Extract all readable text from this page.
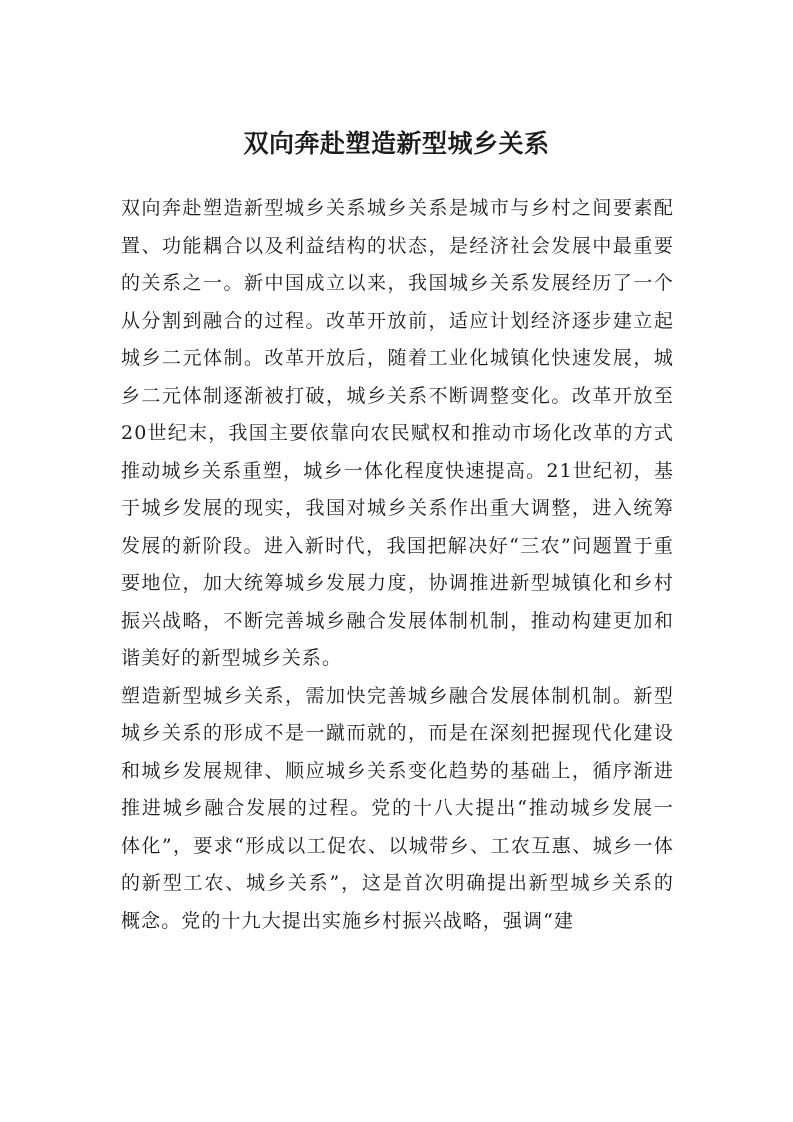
双向奔赴塑造新型城乡关系

双向奔赴塑造新型城乡关系城乡关系是城市与乡村之间要素配置、功能耦合以及利益结构的状态，是经济社会发展中最重要的关系之一。新中国成立以来，我国城乡关系发展经历了一个从分割到融合的过程。改革开放前，适应计划经济逐步建立起城乡二元体制。改革开放后，随着工业化城镇化快速发展，城乡二元体制逐渐被打破，城乡关系不断调整变化。改革开放至20世纪末，我国主要依靠向农民赋权和推动市场化改革的方式推动城乡关系重塑，城乡一体化程度快速提高。21世纪初，基于城乡发展的现实，我国对城乡关系作出重大调整，进入统筹发展的新阶段。进入新时代，我国把解决好“三农”问题置于重要地位，加大统筹城乡发展力度，协调推进新型城镇化和乡村振兴战略，不断完善城乡融合发展体制机制，推动构建更加和谐美好的新型城乡关系。

塑造新型城乡关系，需加快完善城乡融合发展体制机制。新型城乡关系的形成不是一蹴而就的，而是在深刻把握现代化建设和城乡发展规律、顺应城乡关系变化趋势的基础上，循序渐进推进城乡融合发展的过程。党的十八大提出“推动城乡发展一体化”，要求“形成以工促农、以城带乡、工农互惠、城乡一体的新型工农、城乡关系”，这是首次明确提出新型城乡关系的概念。党的十九大提出实施乡村振兴战略，强调“建
